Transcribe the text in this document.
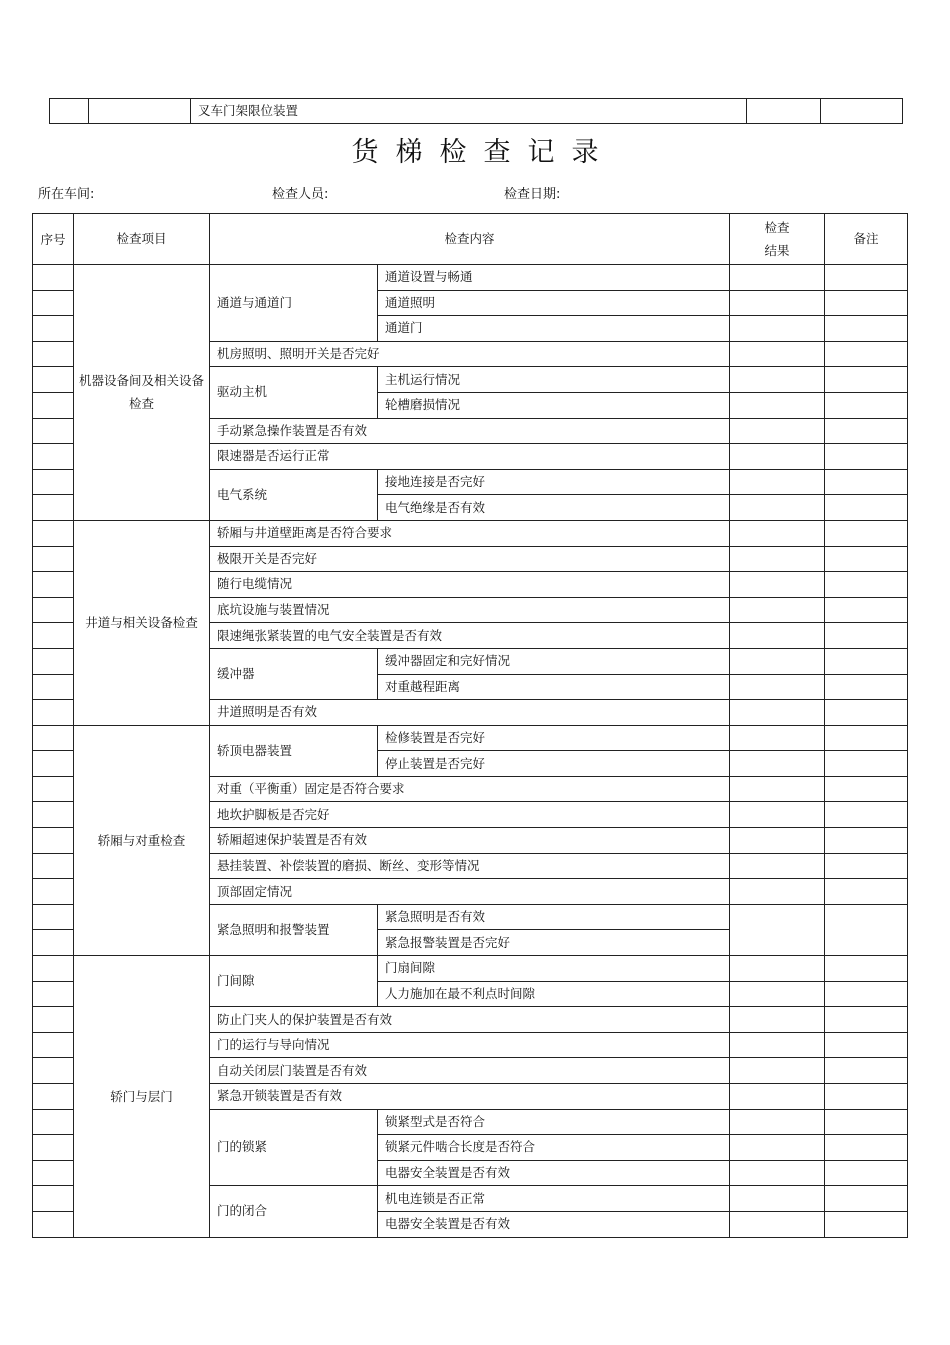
		叉车门架限位装置		
货梯检查记录
所在车间:	检查人员:	检查日期:
序号	检查项目	检查内容		检查结果	备注
	机器设备间及相关设备检查	通道与通道门	通道设置与畅通		
			通道照明		
			通道门		
		机房照明、照明开关是否完好			
		驱动主机	主机运行情况		
			轮槽磨损情况		
		手动紧急操作装置是否有效			
		限速器是否运行正常			
		电气系统	接地连接是否完好		
			电气绝缘是否有效		
	井道与相关设备检查	轿厢与井道壁距离是否符合要求			
		极限开关是否完好			
		随行电缆情况			
		底坑设施与装置情况			
		限速绳张紧装置的电气安全装置是否有效			
		缓冲器	缓冲器固定和完好情况		
			对重越程距离		
		井道照明是否有效			
	轿厢与对重检查	轿顶电器装置	检修装置是否完好		
			停止装置是否完好		
		对重（平衡重）固定是否符合要求			
		地坎护脚板是否完好			
		轿厢超速保护装置是否有效			
		悬挂装置、补偿装置的磨损、断丝、变形等情况			
		顶部固定情况			
		紧急照明和报警装置	紧急照明是否有效		
			紧急报警装置是否完好		
	轿门与层门	门间隙	门扇间隙		
			人力施加在最不利点时间隙		
		防止门夹人的保护装置是否有效			
		门的运行与导向情况			
		自动关闭层门装置是否有效			
		紧急开锁装置是否有效			
		门的锁紧	锁紧型式是否符合		
			锁紧元件啮合长度是否符合		
			电器安全装置是否有效		
		门的闭合	机电连锁是否正常		
			电器安全装置是否有效		
